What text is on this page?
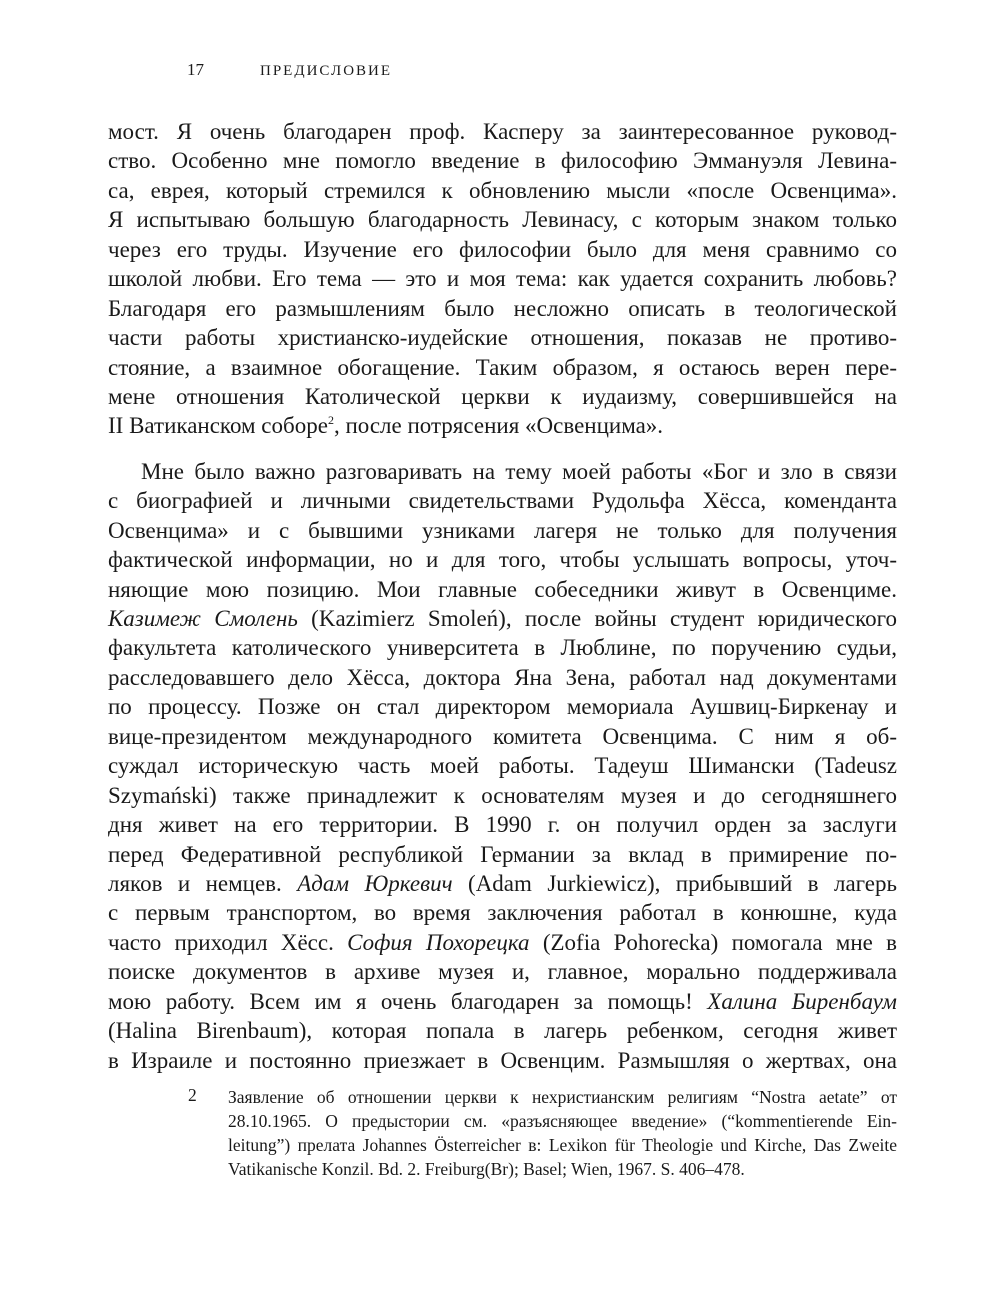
17	ПРЕДИСЛОВИЕ
мост. Я очень благодарен проф. Касперу за заинтересованное руковод-
ство. Особенно мне помогло введение в философию Эммануэля Левина-
са, еврея, который стремился к обновлению мысли «после Освенцима».
Я испытываю большую благодарность Левинасу, с которым знаком только
через его труды. Изучение его философии было для меня сравнимо со
школой любви. Его тема — это и моя тема: как удается сохранить любовь?
Благодаря его размышлениям было несложно описать в теологической
части работы христианско-иудейские отношения, показав не противо-
стояние, а взаимное обогащение. Таким образом, я остаюсь верен пере-
мене отношения Католической церкви к иудаизму, совершившейся на
II Ватиканском соборе$^2$, после потрясения «Освенцима».
Мне было важно разговаривать на тему моей работы «Бог и зло в связи
с биографией и личными свидетельствами Рудольфа Хёсса, коменданта
Освенцима» и с бывшими узниками лагеря не только для получения
фактической информации, но и для того, чтобы услышать вопросы, уточ-
няющие мою позицию. Мои главные собеседники живут в Освенциме.
Казимеж Смолень (Kazimierz Smoleń), после войны студент юридического
факультета католического университета в Люблине, по поручению судьи,
расследовавшего дело Хёсса, доктора Яна Зена, работал над документами
по процессу. Позже он стал директором мемориала Аушвиц-Биркенау и
вице-президентом международного комитета Освенцима. С ним я об-
суждал историческую часть моей работы. Тадеуш Шимански (Tadeusz
Szymański) также принадлежит к основателям музея и до сегодняшнего
дня живет на его территории. В 1990 г. он получил орден за заслуги
перед Федеративной республикой Германии за вклад в примирение по-
ляков и немцев. Адам Юркевич (Adam Jurkiewicz), прибывший в лагерь
с первым транспортом, во время заключения работал в конюшне, куда
часто приходил Хёсс. София Похорецка (Zofia Pohorecka) помогала мне в
поиске документов в архиве музея и, главное, морально поддерживала
мою работу. Всем им я очень благодарен за помощь! Халина Биренбаум
(Halina Birenbaum), которая попала в лагерь ребенком, сегодня живет
в Израиле и постоянно приезжает в Освенцим. Размышляя о жертвах, она
2 Заявление об отношении церкви к нехристианским религиям “Nostra aetate” от
28.10.1965. О предыстории см. «разъясняющее введение» (“kommentierende Ein-
leitung”) прелата Johannes Österreicher в: Lexikon für Theologie und Kirche, Das Zweite
Vatikanische Konzil. Bd. 2. Freiburg(Br); Basel; Wien, 1967. S. 406–478.
